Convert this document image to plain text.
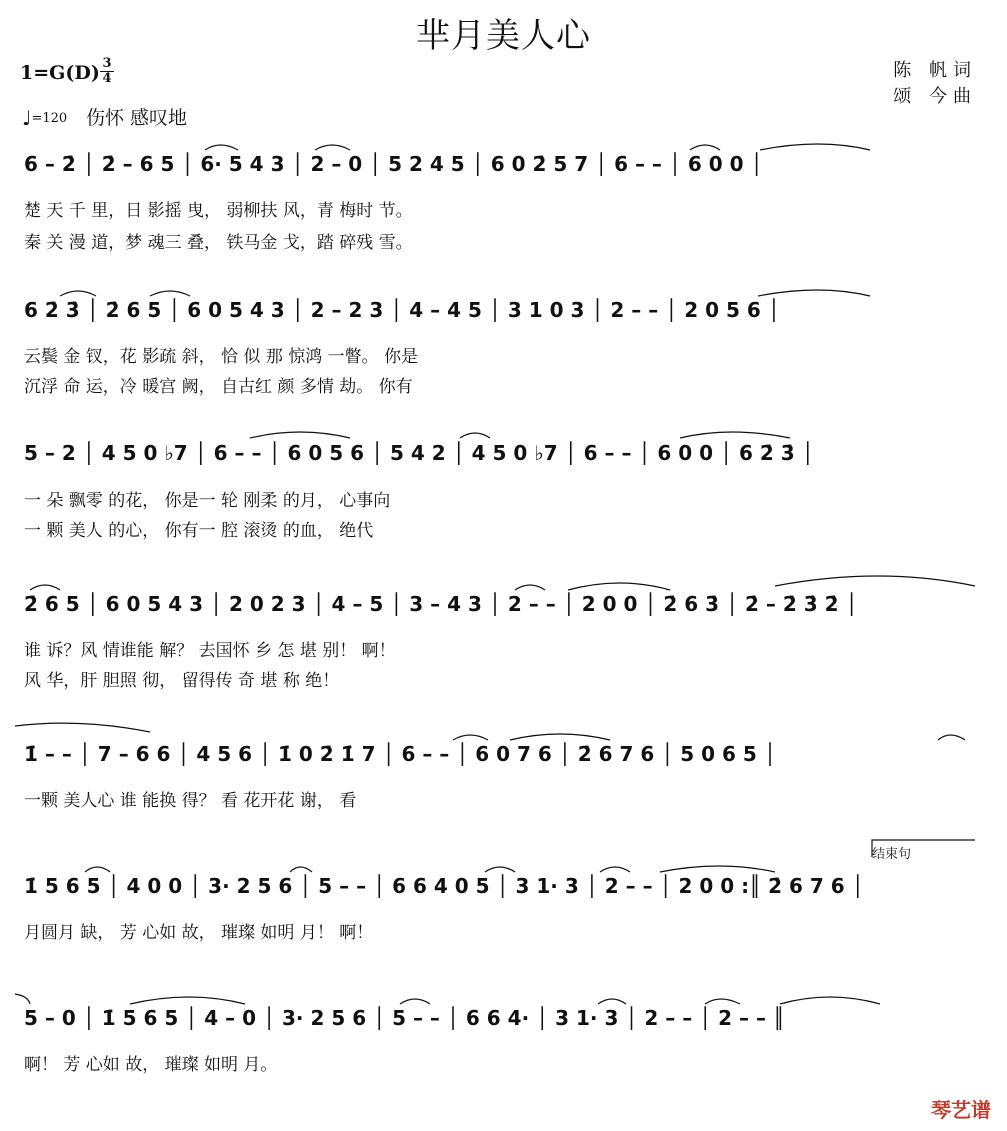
芈月美人心
1=G(D) 3
4
♩=120 伤怀 感叹地
陈 帆词
颂 今曲
6 – 2̇ │ 2̇ – 6 5 │ 6· 5 4 3 │ 2 – 0 │ 5 2 4 5 │ 6 0 2̇ 5 7 │ 6 – – │ 6 0 0 │
楚 天 千 里，日 影摇 曳， 弱柳扶 风，青 梅时 节。
秦 关 漫 道，梦 魂三 叠， 铁马金 戈，踏 碎残 雪。
6 2̇ 3̇ │ 2̇ 6 5 │ 6 0 5 4 3 │ 2 – 2 3 │ 4 – 4 5 │ 3 1 0 3 │ 2 – – │ 2 0 5 6 │
云鬓 金 钗，花 影疏 斜， 恰 似 那 惊鸿 一瞥。 你是
沉浮 命 运，冷 暖宫 阙， 自古红 颜 多情 劫。 你有
5 – 2 │ 4 5 0 ♭7 │ 6 – – │ 6 0 5 6 │ 5 4 2 │ 4 5 0 ♭7 │ 6 – – │ 6 0 0 │ 6 2̇ 3̇ │
一 朵 飘零 的花， 你是一 轮 刚柔 的月， 心事向
一 颗 美人 的心， 你有一 腔 滚烫 的血， 绝代
2̇ 6 5 │ 6 0 5 4 3 │ 2 0 2 3 │ 4 – 5 │ 3 – 4 3 │ 2 – – │ 2 0 0 │ 2̇ 6 3̇ │ 2̇ – 2̇ 3̇ 2̇ │
谁 诉？风 情谁能 解？ 去国怀 乡 怎 堪 别！ 啊！
风 华，肝 胆照 彻， 留得传 奇 堪 称 绝！
1̇ – – │ 7 – 6 6 │ 4 5 6 │ 1̇ 0 2̇ 1̇ 7 │ 6 – – │ 6 0 7 6 │ 2̇ 6 7 6 │ 5 0 6 5 │
一颗 美人心 谁 能换 得？ 看 花开花 谢， 看
1̇ 5 6 5 │ 4 0 0 │ 3· 2 5 6 │ 5 – – │ 6 6 4 0 5 │ 3 1· 3 │ 2 – – │ 2 0 0 :║ 2̇ 6 7 6 │
月圆月 缺， 芳 心如 故， 璀璨 如明 月！ 啊！
5 – 0 │ 1̇ 5 6 5 │ 4 – 0 │ 3· 2 5 6 │ 5 – – │ 6 6 4· │ 3 1· 3 │ 2 – – │ 2 – – ║
啊！ 芳 心如 故， 璀璨 如明 月。
结束句
琴艺谱
